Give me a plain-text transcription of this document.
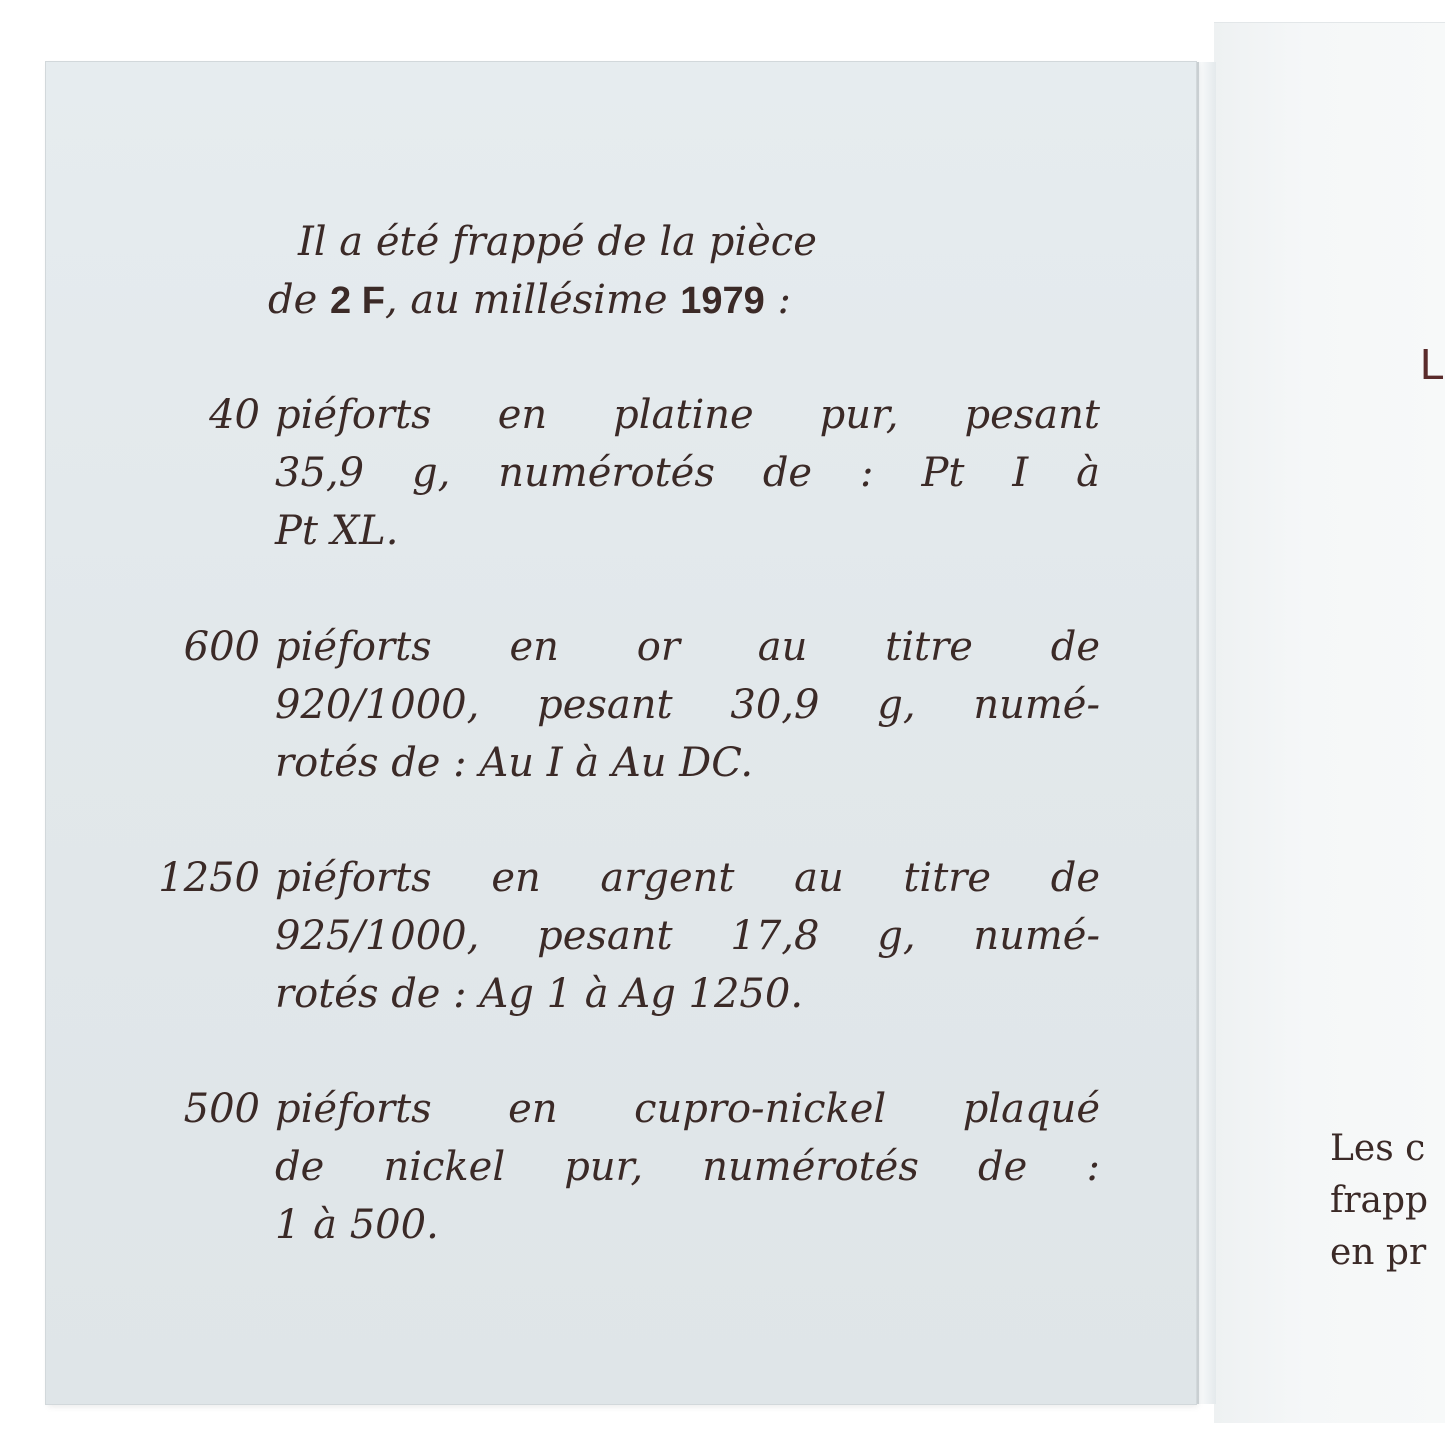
Il a été frappé de la pièce
de 2 F, au millésime 1979 :
40 piéforts en platine pur, pesant
35,9 g, numérotés de : Pt I à
Pt XL.
600 piéforts en or au titre de
920/1000, pesant 30,9 g, numé-
rotés de : Au I à Au DC.
1250 piéforts en argent au titre de
925/1000, pesant 17,8 g, numé-
rotés de : Ag 1 à Ag 1250.
500 piéforts en cupro-nickel plaqué
de nickel pur, numérotés de :
1 à 500.
L
Les c
frapp
en pr
